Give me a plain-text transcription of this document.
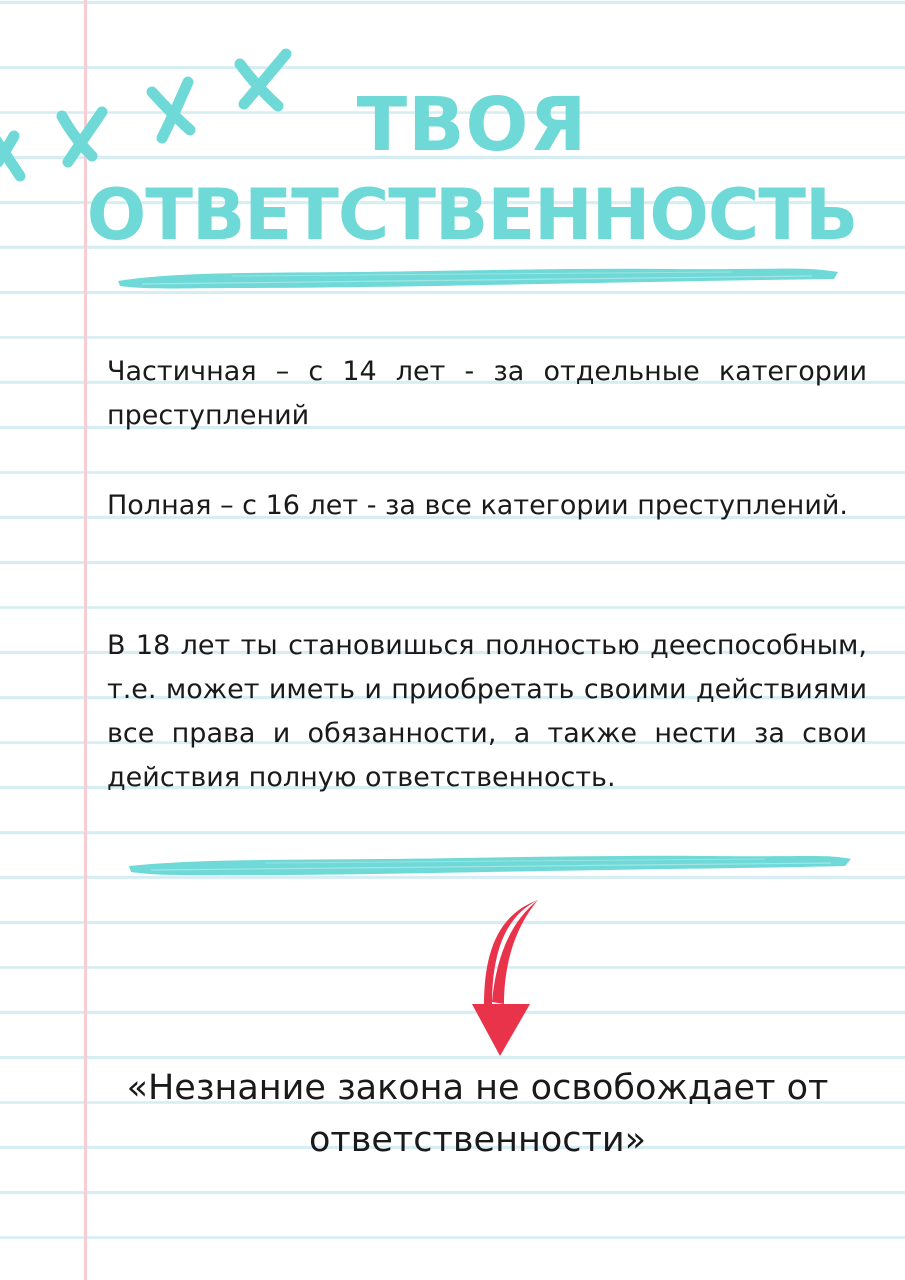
ТВОЯ
ОТВЕТСТВЕННОСТЬ

Частичная – с 14 лет - за отдельные категории преступлений

Полная – с 16 лет - за все категории преступлений.

В 18 лет ты становишься полностью дееспособным, т.е. может иметь и приобретать своими действиями все права и обязанности, а также нести за свои действия полную ответственность.

«Незнание закона не освобождает от ответственности»
